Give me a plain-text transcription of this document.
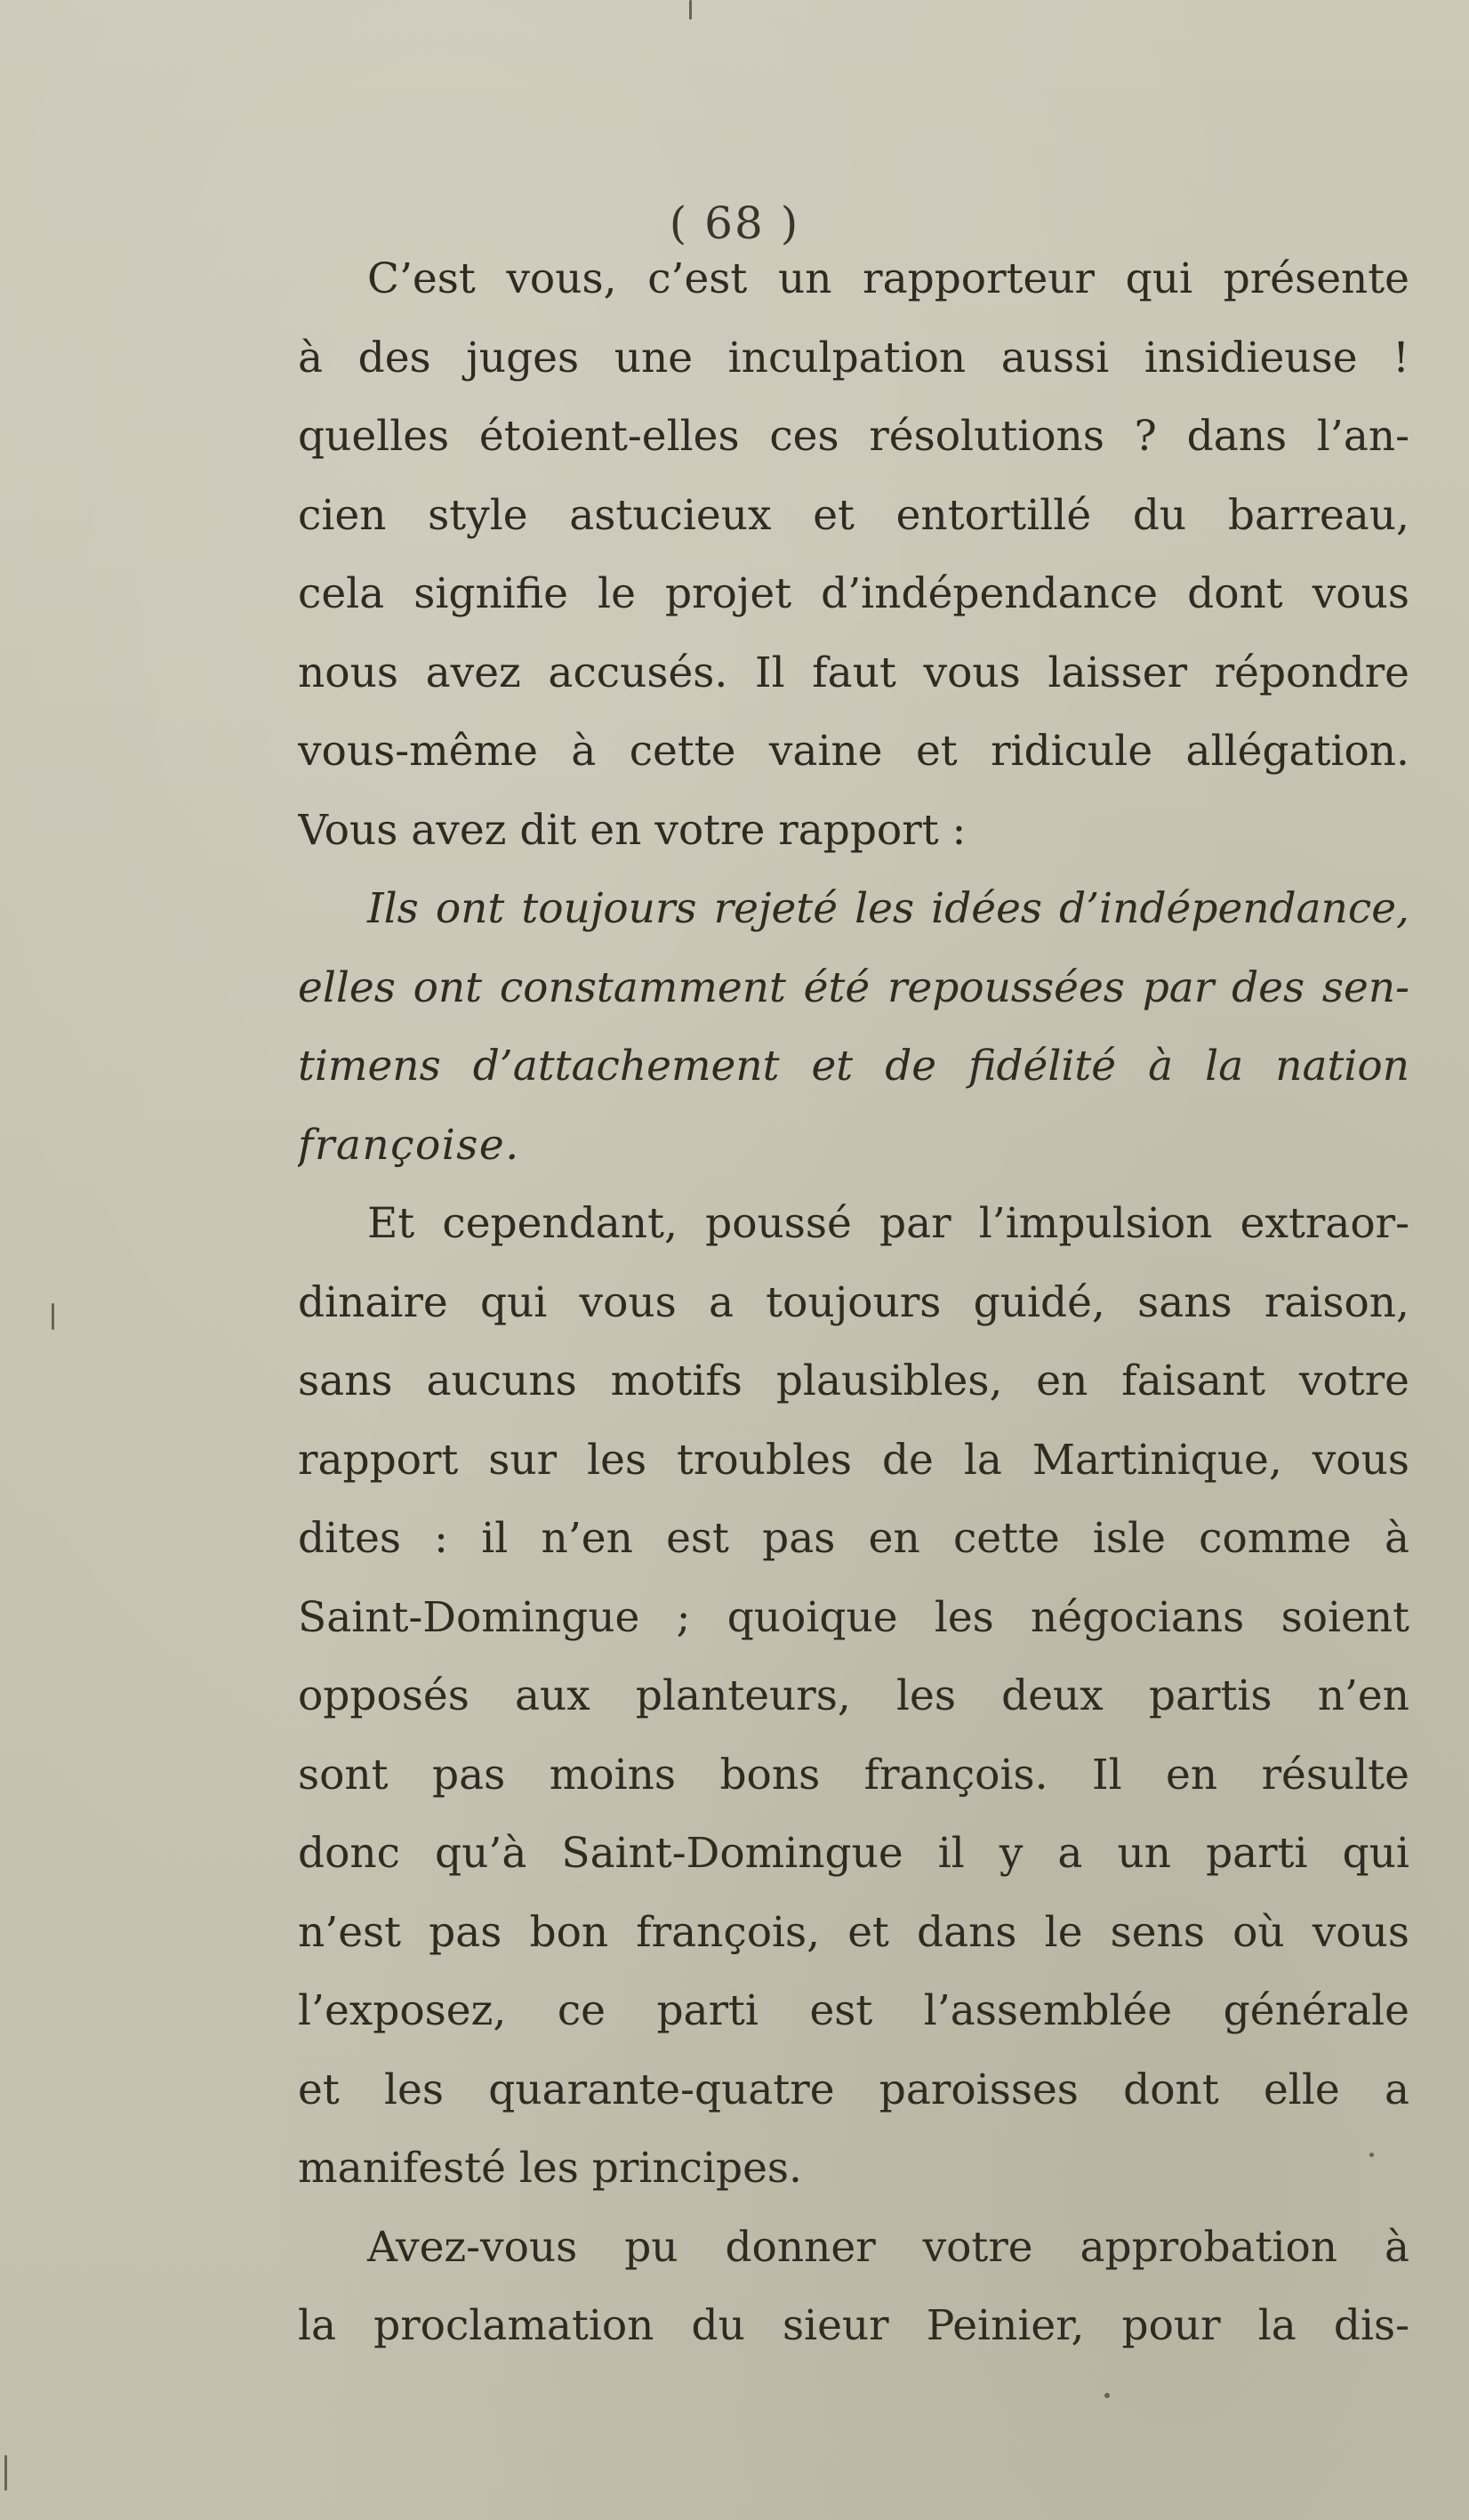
( 68 )
C’est vous, c’est un rapporteur qui présente
à des juges une inculpation aussi insidieuse !
quelles étoient-elles ces résolutions ? dans l’an-
cien style astucieux et entortillé du barreau,
cela signifie le projet d’indépendance dont vous
nous avez accusés. Il faut vous laisser répondre
vous-même à cette vaine et ridicule allégation.
Vous avez dit en votre rapport :
Ils ont toujours rejeté les idées d’indépendance,
elles ont constamment été repoussées par des sen-
timens d’attachement et de fidélité à la nation
françoise.
Et cependant, poussé par l’impulsion extraor-
dinaire qui vous a toujours guidé, sans raison,
sans aucuns motifs plausibles, en faisant votre
rapport sur les troubles de la Martinique, vous
dites : il n’en est pas en cette isle comme à
Saint-Domingue ; quoique les négocians soient
opposés aux planteurs, les deux partis n’en
sont pas moins bons françois. Il en résulte
donc qu’à Saint-Domingue il y a un parti qui
n’est pas bon françois, et dans le sens où vous
l’exposez, ce parti est l’assemblée générale
et les quarante-quatre paroisses dont elle a
manifesté les principes.
Avez-vous pu donner votre approbation à
la proclamation du sieur Peinier, pour la dis-
